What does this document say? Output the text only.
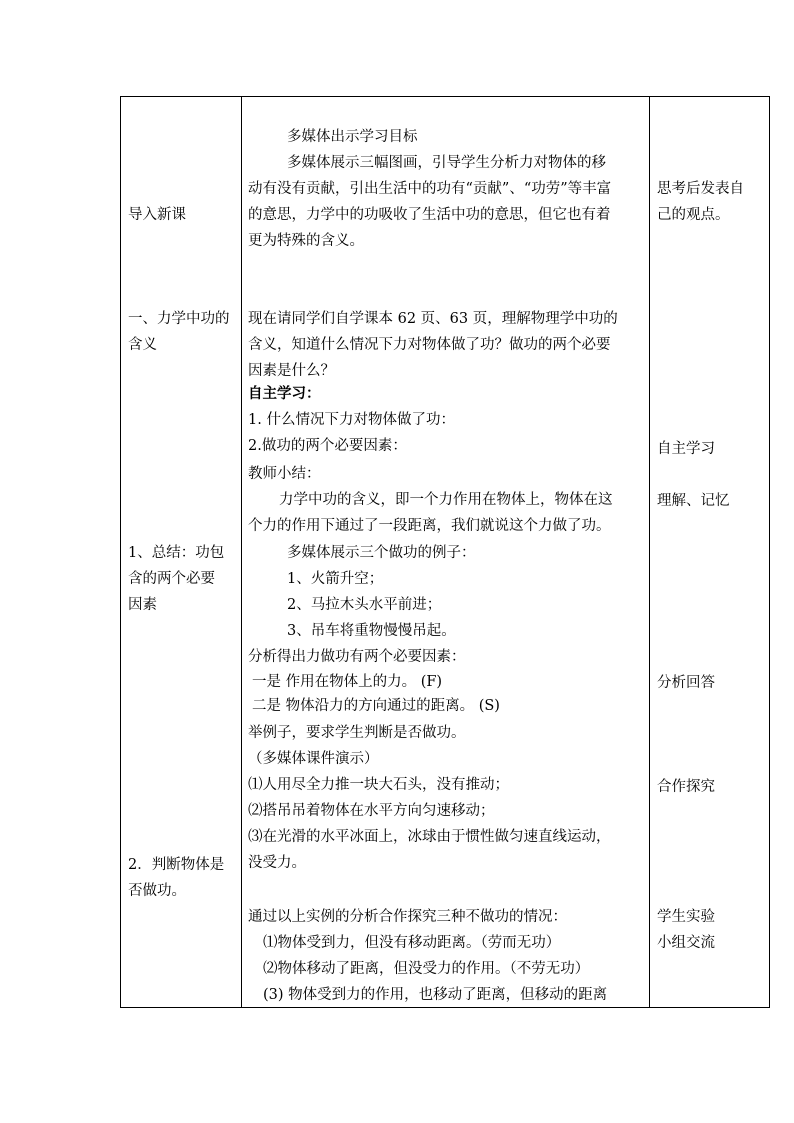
导入新课
一、力学中功的
含义
1、总结：功包
含的两个必要
因素
2．判断物体是
否做功。
多媒体出示学习目标
多媒体展示三幅图画，引导学生分析力对物体的移
动有没有贡献，引出生活中的功有“贡献”、“功劳”等丰富
的意思，力学中的功吸收了生活中功的意思，但它也有着
更为特殊的含义。
现在请同学们自学课本 62 页、63 页，理解物理学中功的
含义，知道什么情况下力对物体做了功？做功的两个必要
因素是什么？
自主学习：
1. 什么情况下力对物体做了功：
2.做功的两个必要因素：
教师小结：
力学中功的含义，即一个力作用在物体上，物体在这
个力的作用下通过了一段距离，我们就说这个力做了功。
多媒体展示三个做功的例子：
1、火箭升空；
2、马拉木头水平前进；
3、吊车将重物慢慢吊起。
分析得出力做功有两个必要因素：
一是 作用在物体上的力。 (F)
二是 物体沿力的方向通过的距离。 (S)
举例子，要求学生判断是否做功。
（多媒体课件演示）
⑴人用尽全力推一块大石头，没有推动；
⑵搭吊吊着物体在水平方向匀速移动；
⑶在光滑的水平冰面上，冰球由于惯性做匀速直线运动，
没受力。
通过以上实例的分析合作探究三种不做功的情况：
⑴物体受到力，但没有移动距离。（劳而无功）
⑵物体移动了距离，但没受力的作用。（不劳无功）
(3) 物体受到力的作用，也移动了距离，但移动的距离
思考后发表自
己的观点。
自主学习
理解、记忆
分析回答
合作探究
学生实验
小组交流
